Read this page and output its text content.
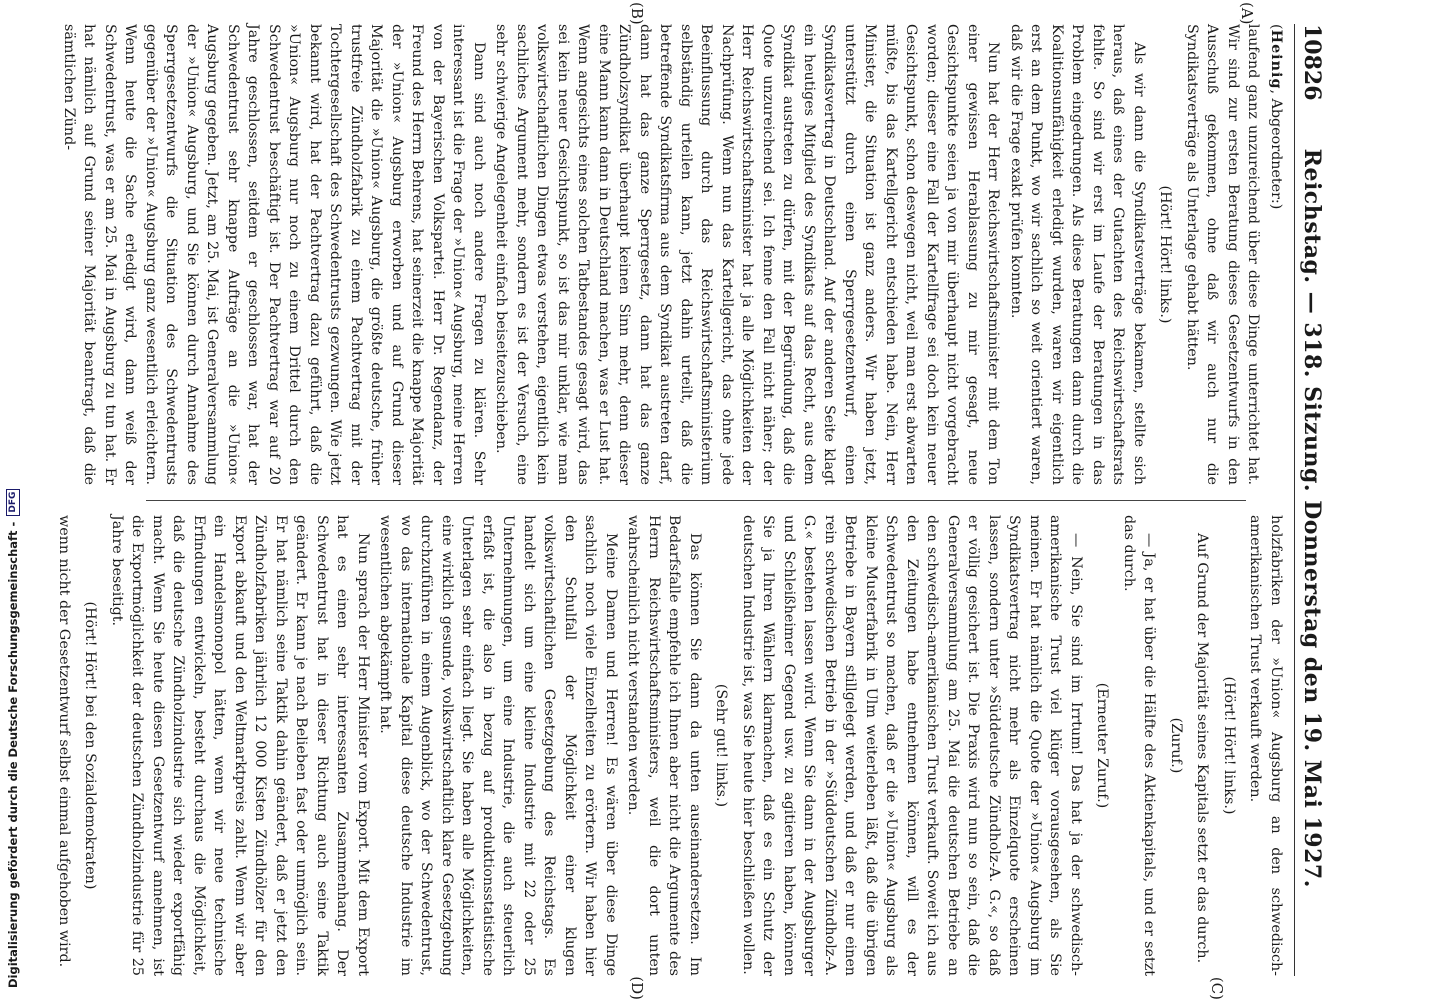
10826
Reichstag. — 318. Sitzung. Donnerstag den 19. Mai 1927.
(A)
(B)
(C)
(D)

(Heinig, Abgeordneter:)

laufend ganz unzureichend über diese Dinge unterrichtet hat. Wir sind zur ersten Beratung dieses Gesetzentwurfs in den Ausschuß gekommen, ohne daß wir auch nur die Syndikatsverträge als Unterlage gehabt hätten.

(Hört! Hört! links.)

Als wir dann die Syndikatsverträge bekamen, stellte sich heraus, daß eines der Gutachten des Reichswirtschaftsrats fehlte. So sind wir erst im Laufe der Beratungen in das Problem eingedrungen. Als diese Beratungen dann durch die Koalitionsunfähigkeit erledigt wurden, waren wir eigentlich erst an dem Punkt, wo wir sachlich so weit orientiert waren, daß wir die Frage exakt prüfen konnten.

Nun hat der Herr Reichswirtschaftsminister mit dem Ton einer gewissen Herablassung zu mir gesagt, neue Gesichtspunkte seien ja von mir überhaupt nicht vorgebracht worden; dieser eine Fall der Kartellfrage sei doch kein neuer Gesichtspunkt, schon deswegen nicht, weil man erst abwarten müßte, bis das Kartellgericht entschieden habe. Nein, Herr Minister, die Situation ist ganz anders. Wir haben jetzt, unterstützt durch einen Sperrgesetzentwurf, einen Syndikatsvertrag in Deutschland. Auf der anderen Seite klagt ein heutiges Mitglied des Syndikats auf das Recht, aus dem Syndikat austreten zu dürfen, mit der Begründung, daß die Quote unzureichend sei. Ich fenne den Fall nicht näher; der Herr Reichswirtschaftsminister hat ja alle Möglichkeiten der Nachprüfung. Wenn nun das Kartellgericht, das ohne jede Beeinflussung durch das Reichswirtschaftsministerium selbständig urteilen kann, jetzt dahin urteilt, daß die betreffende Syndikatsfirma aus dem Syndikat austreten darf, dann hat das ganze Sperrgesetz, dann hat das ganze Zündholzsyndikat überhaupt keinen Sinn mehr, denn dieser eine Mann kann dann in Deutschland machen, was er Lust hat. Wenn angesichts eines solchen Tatbestandes gesagt wird, das sei kein neuer Gesichtspunkt, so ist das mir unklar, wie man volkswirtschaftlichen Dingen etwas verstehen, eigentlich kein sachliches Argument mehr, sondern es ist der Versuch, eine sehr schwierige Angelegenheit einfach beiseitezuschieben.

Dann sind auch noch andere Fragen zu klären. Sehr interessant ist die Frage der »Union« Augsburg, meine Herren von der Bayerischen Volkspartei. Herr Dr. Regendanz, der Freund des Herrn Behrens, hat seinerzeit die knappe Majorität der »Union« Augsburg erworben und auf Grund dieser Majorität die »Union« Augsburg, die größte deutsche, früher trustfreie Zündholzfabrik zu einem Pachtvertrag mit der Tochtergesellschaft des Schwedentrusts gezwungen. Wie jetzt bekannt wird, hat der Pachtvertrag dazu geführt, daß die »Union« Augsburg nur noch zu einem Drittel durch den Schwedentrust beschäftigt ist. Der Pachtvertrag war auf 20 Jahre geschlossen, seitdem er geschlossen war, hat der Schwedentrust sehr knappe Aufträge an die »Union« Augsburg gegeben. Jetzt, am 25. Mai, ist Generalversammlung der »Union« Augsburg, und Sie können durch Annahme des Sperrgesetzentwurfs die Situation des Schwedentrusts gegenüber der »Union« Augsburg ganz wesentlich erleichtern. Wenn heute die Sache erledigt wird, dann weiß der Schwedentrust, was er am 25. Mai in Augsburg zu tun hat. Er hat nämlich auf Grund seiner Majorität beantragt, daß die sämtlichen Zünd-

holzfabriken der »Union« Augsburg an den schwedisch-amerikanischen Trust verkauft werden.

(Hört! Hört! links.)

Auf Grund der Majorität seines Kapitals setzt er das durch.

(Zuruf.)

— Ja, er hat über die Hälfte des Aktienkapitals, und er setzt das durch.

(Erneuter Zuruf.)

— Nein, Sie sind im Irrtum! Das hat ja der schwedisch-amerikanische Trust viel klüger vorausgesehen, als Sie meinen. Er hat nämlich die Quote der »Union« Augsburg im Syndikatsvertrag nicht mehr als Einzelquote erscheinen lassen, sondern unter »Süddeutsche Zündholz-A. G.«, so daß er völlig gesichert ist. Die Praxis wird nun so sein, daß die Generalversammlung am 25. Mai die deutschen Betriebe an den schwedisch-amerikanischen Trust verkauft. Soweit ich aus den Zeitungen habe entnehmen können, will es der Schwedentrust so machen, daß er die »Union« Augsburg als kleine Musterfabrik in Ulm weiterleben läßt, daß die übrigen Betriebe in Bayern stillgelegt werden, und daß er nur einen rein schwedischen Betrieb in der »Süddeutschen Zündholz-A. G.« bestehen lassen wird. Wenn Sie dann in der Augsburger und Schleißheimer Gegend usw. zu agitieren haben, können Sie ja Ihren Wählern klarmachen, daß es ein Schutz der deutschen Industrie ist, was Sie heute hier beschließen wollen.

(Sehr gut! links.)

Das können Sie dann da unten auseinandersetzen. Im Bedarfsfalle empfehle ich Ihnen aber nicht die Argumente des Herrn Reichswirtschaftsministers, weil die dort unten wahrscheinlich nicht verstanden werden.

Meine Damen und Herren! Es wären über diese Dinge sachlich noch viele Einzelheiten zu erörtern. Wir haben hier den Schulfall der Möglichkeit einer klugen volkswirtschaftlichen Gesetzgebung des Reichstags. Es handelt sich um eine kleine Industrie mit 22 oder 25 Unternehmungen, um eine Industrie, die auch steuerlich erfaßt ist, die also in bezug auf produktionsstatistische Unterlagen sehr einfach liegt. Sie haben alle Möglichkeiten, eine wirklich gesunde, volkswirtschaftlich klare Gesetzgebung durchzuführen in einem Augenblick, wo der Schwedentrust, wo das internationale Kapital diese deutsche Industrie im wesentlichen abgekämpft hat.

Nun sprach der Herr Minister vom Export. Mit dem Export hat es einen sehr interessanten Zusammenhang. Der Schwedentrust hat in dieser Richtung auch seine Taktik geändert. Er kann je nach Belieben fast oder unmöglich sein. Er hat nämlich seine Taktik dahin geändert, daß er jetzt den Zündholzfabriken jährlich 12 000 Kisten Zündhölzer für den Export abkauft und den Weltmarktpreis zahlt. Wenn wir aber ein Handelsmonopol hätten, wenn wir neue technische Erfindungen entwickeln, besteht durchaus die Möglichkeit, daß die deutsche Zündholzindustrie sich wieder exportfähig macht. Wenn Sie heute diesen Gesetzentwurf annehmen, ist die Exportmöglichkeit der deutschen Zündholzindustrie für 25 Jahre beseitigt.

(Hört! Hört! bei den Sozialdemokraten)

wenn nicht der Gesetzentwurf selbst einmal aufgehoben wird.

Digitalisierung gefördert durch die Deutsche Forschungsgemeinschaft -
DFG
